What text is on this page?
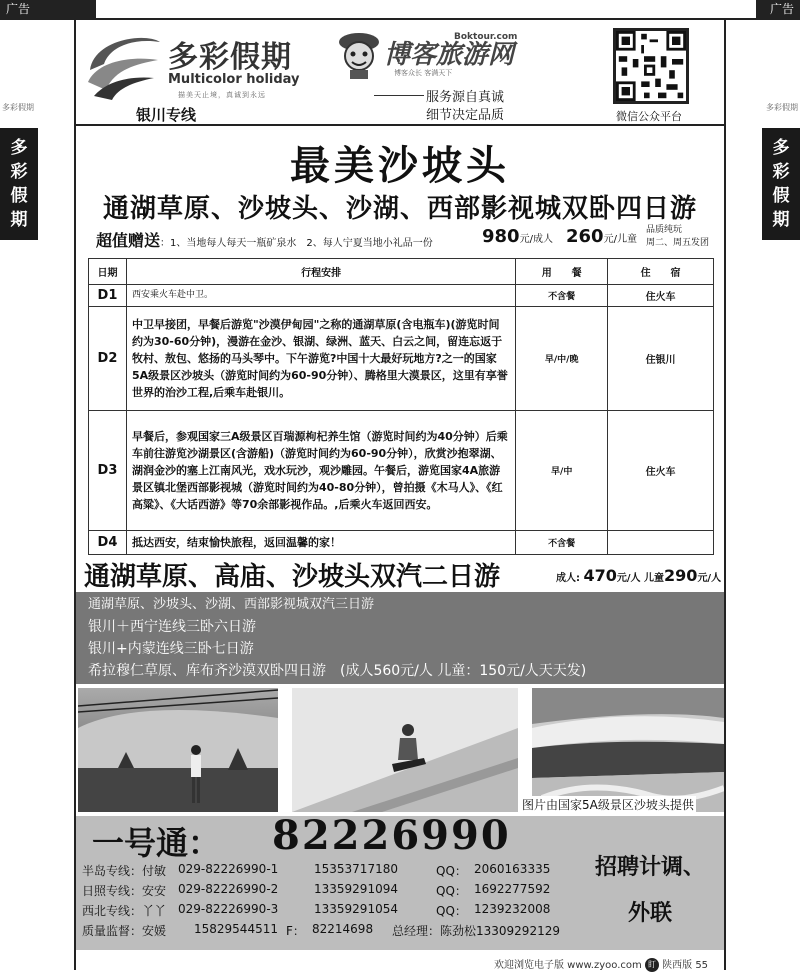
广告	广告
多彩假期	多彩假期
多
彩
假
期
多
彩
假
期
多彩假期
Multicolor holiday
描美天止境，真诚到永远
银川专线
博客旅游网
Boktour.com
博客众长 客满天下
服务源自真诚
细节决定品质	微信公众平台
最美沙坡头
通湖草原、沙坡头、沙湖、西部影视城双卧四日游
超值赠送：1、当地每人每天一瓶矿泉水　2、每人宁夏当地小礼品一份	980元/成人 260元/儿童
品质纯玩
周二、周五发团
日期	行程安排	用　　餐	住　　宿
D1	西安乘火车赴中卫。	不含餐	住火车
D2	中卫早接团，早餐后游览"沙漠伊甸园"之称的通湖草原(含电瓶车)(游览时间约为30-60分钟)，漫游在金沙、银湖、绿洲、蓝天、白云之间，留连忘返于牧村、敖包、悠扬的马头琴中。下午游览?中国十大最好玩地方?之一的国家5A级景区沙坡头（游览时间约为60-90分钟）、腾格里大漠景区，这里有享誉世界的治沙工程,后乘车赴银川。	早/中/晚	住银川
D3	早餐后，参观国家三A级景区百瑞源枸杞养生馆（游览时间约为40分钟）后乘车前往游览沙湖景区(含游船)（游览时间约为60-90分钟），欣赏沙抱翠湖、湖润金沙的塞上江南风光，戏水玩沙，观沙雕园。午餐后，游览国家4A旅游景区镇北堡西部影视城（游览时间约为40-80分钟），曾拍摄《木马人》、《红高粱》、《大话西游》等70余部影视作品。,后乘火车返回西安。	早/中	住火车
D4	抵达西安，结束愉快旅程，返回温馨的家！	不含餐	
通湖草原、高庙、沙坡头双汽二日游	成人: 470元/人 儿童290元/人
通湖草原、沙坡头、沙湖、西部影视城双汽三日游
银川＋西宁连线三卧六日游
银川+内蒙连线三卧七日游
希拉穆仁草原、库布齐沙漠双卧四日游　(成人560元/人 儿童：150元/人天天发)
图片由国家5A级景区沙坡头提供
一号通： 82226990
半岛专线：付敏 029-82226990-1	15353717180	QQ： 2060163335
日照专线：安安 029-82226990-2	13359291094	QQ： 1692277592
西北专线：丫丫 029-82226990-3	13359291054	QQ： 1239232008
质量监督：安媛 15829544511 F： 82214698 总经理：陈劲松13309292129
招聘计调、
外联
欢迎浏览电子版 www.zyoo.com 盯 陕西版 55
